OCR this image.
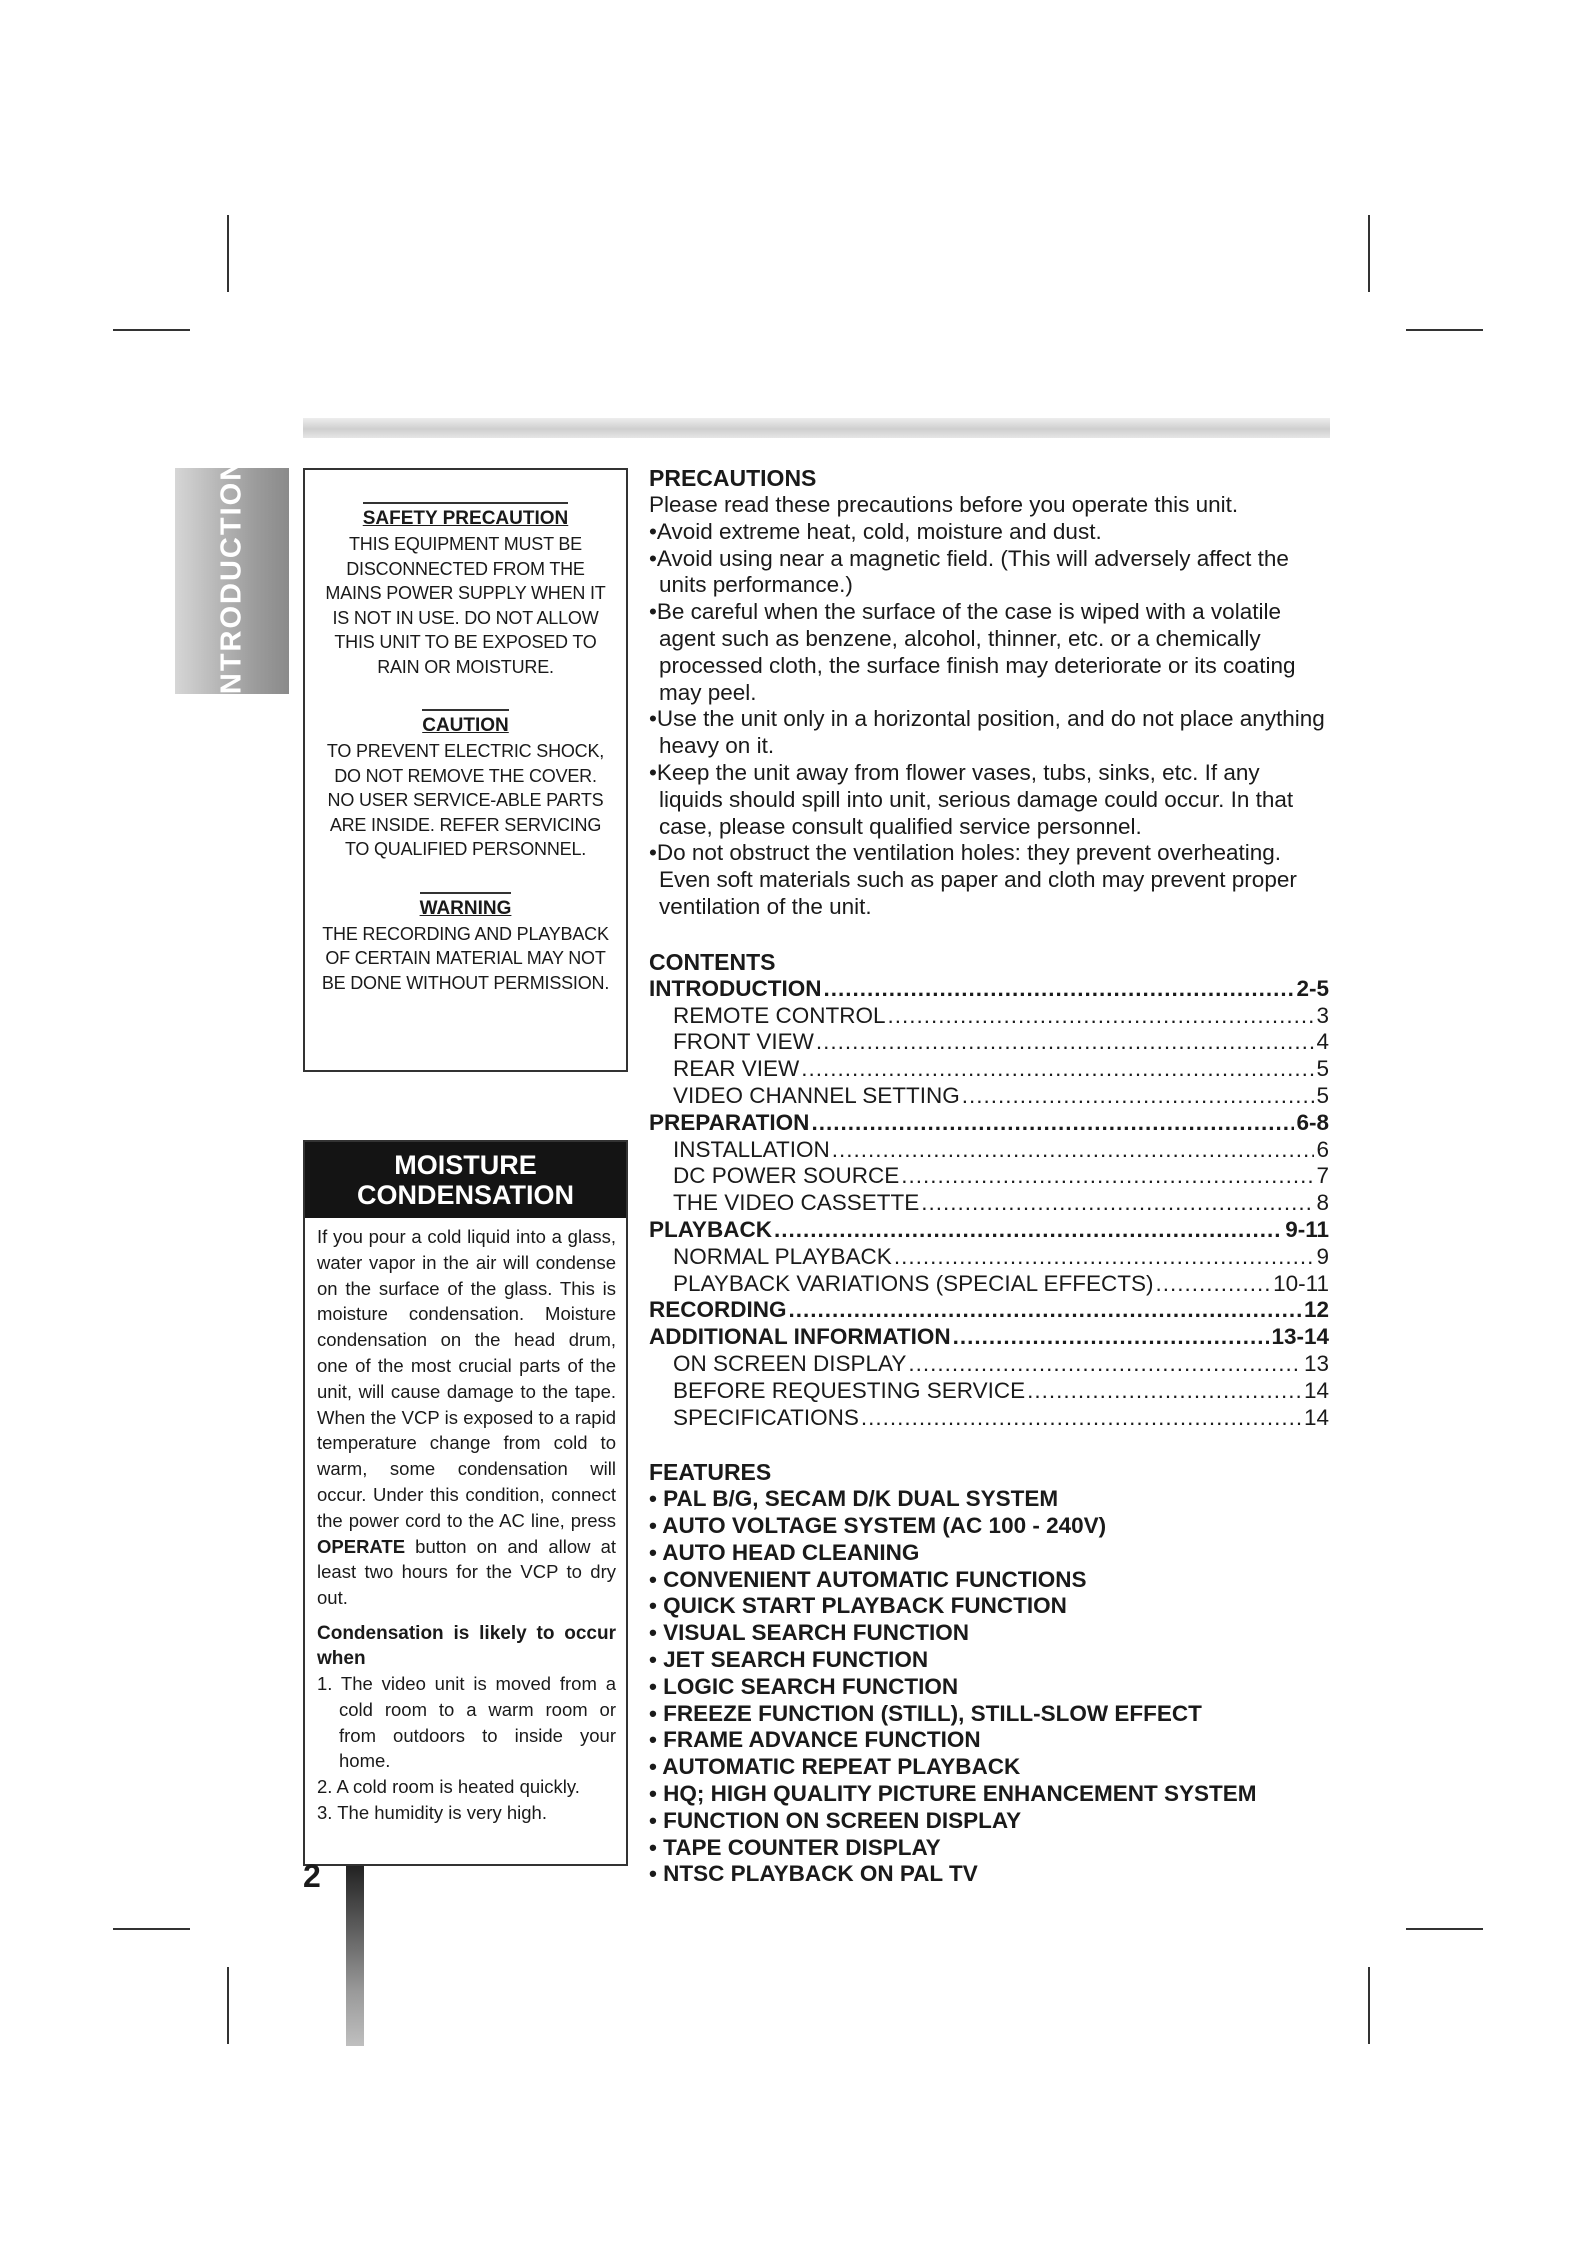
INTRODUCTION	SAFETY PRECAUTION
THIS EQUIPMENT MUST BE DISCONNECTED FROM THE MAINS POWER SUPPLY WHEN IT IS NOT IN USE. DO NOT ALLOW THIS UNIT TO BE EXPOSED TO RAIN OR MOISTURE.
CAUTION
TO PREVENT ELECTRIC SHOCK, DO NOT REMOVE THE COVER. NO USER SERVICE-ABLE PARTS ARE INSIDE. REFER SERVICING TO QUALIFIED PERSONNEL.
WARNING
THE RECORDING AND PLAYBACK OF CERTAIN MATERIAL MAY NOT BE DONE WITHOUT PERMISSION.
MOISTURE
CONDENSATION
If you pour a cold liquid into a glass, water vapor in the air will condense on the surface of the glass. This is moisture condensation. Moisture condensation on the head drum, one of the most crucial parts of the unit, will cause damage to the tape. When the VCP is exposed to a rapid temperature change from cold to warm, some condensation will occur. Under this condition, connect the power cord to the AC line, press OPERATE button on and allow at least two hours for the VCP to dry out.
Condensation is likely to occur when
1. The video unit is moved from a cold room to a warm room or from outdoors to inside your home.
2. A cold room is heated quickly.
3. The humidity is very high.
2
PRECAUTIONS
Please read these precautions before you operate this unit.
•Avoid extreme heat, cold, moisture and dust.
•Avoid using near a magnetic field. (This will adversely affect the units performance.)
•Be careful when the surface of the case is wiped with a volatile agent such as benzene, alcohol, thinner, etc. or a chemically processed cloth, the surface finish may deteriorate or its coating may peel.
•Use the unit only in a horizontal position, and do not place anything heavy on it.
•Keep the unit away from flower vases, tubs, sinks, etc. If any liquids should spill into unit, serious damage could occur. In that case, please consult qualified service personnel.
•Do not obstruct the ventilation holes: they prevent overheating. Even soft materials such as paper and cloth may prevent proper ventilation of the unit.
CONTENTS
INTRODUCTION .....	2-5
REMOTE CONTROL .....	3
FRONT VIEW .....	4
REAR VIEW .....	5
VIDEO CHANNEL SETTING .....	5
PREPARATION .....	6-8
INSTALLATION .....	6
DC POWER SOURCE .....	7
THE VIDEO CASSETTE .....	8
PLAYBACK .....	9-11
NORMAL PLAYBACK .....	9
PLAYBACK VARIATIONS (SPECIAL EFFECTS) .....	10-11
RECORDING .....	12
ADDITIONAL INFORMATION .....	13-14
ON SCREEN DISPLAY .....	13
BEFORE REQUESTING SERVICE .....	14
SPECIFICATIONS .....	14
FEATURES
• PAL B/G, SECAM D/K DUAL SYSTEM
• AUTO VOLTAGE SYSTEM (AC 100 - 240V)
• AUTO HEAD CLEANING
• CONVENIENT AUTOMATIC FUNCTIONS
• QUICK START PLAYBACK FUNCTION
• VISUAL SEARCH FUNCTION
• JET SEARCH FUNCTION
• LOGIC SEARCH FUNCTION
• FREEZE FUNCTION (STILL), STILL-SLOW EFFECT
• FRAME ADVANCE FUNCTION
• AUTOMATIC REPEAT PLAYBACK
• HQ; HIGH QUALITY PICTURE ENHANCEMENT SYSTEM
• FUNCTION ON SCREEN DISPLAY
• TAPE COUNTER DISPLAY
• NTSC PLAYBACK ON PAL TV
